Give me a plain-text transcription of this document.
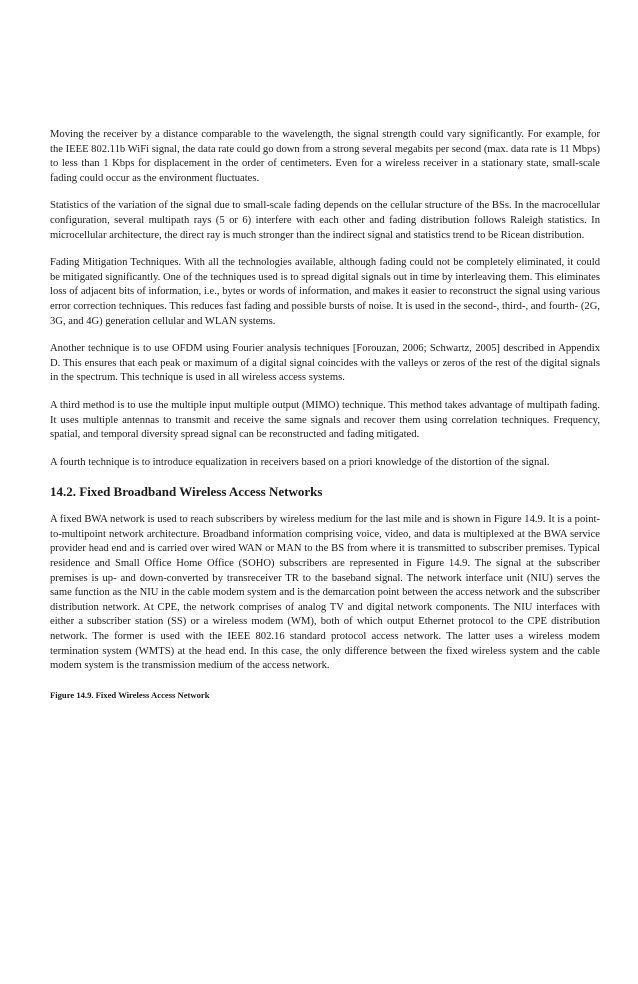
Moving the receiver by a distance comparable to the wavelength, the signal strength could vary significantly. For example, for the IEEE 802.11b WiFi signal, the data rate could go down from a strong several megabits per second (max. data rate is 11 Mbps) to less than 1 Kbps for displacement in the order of centimeters. Even for a wireless receiver in a stationary state, small-scale fading could occur as the environment fluctuates.

Statistics of the variation of the signal due to small-scale fading depends on the cellular structure of the BSs. In the macrocellular configuration, several multipath rays (5 or 6) interfere with each other and fading distribution follows Raleigh statistics. In microcellular architecture, the direct ray is much stronger than the indirect signal and statistics trend to be Ricean distribution.

Fading Mitigation Techniques. With all the technologies available, although fading could not be completely eliminated, it could be mitigated significantly. One of the techniques used is to spread digital signals out in time by interleaving them. This eliminates loss of adjacent bits of information, i.e., bytes or words of information, and makes it easier to reconstruct the signal using various error correction techniques. This reduces fast fading and possible bursts of noise. It is used in the second-, third-, and fourth- (2G, 3G, and 4G) generation cellular and WLAN systems.

Another technique is to use OFDM using Fourier analysis techniques [Forouzan, 2006; Schwartz, 2005] described in Appendix D. This ensures that each peak or maximum of a digital signal coincides with the valleys or zeros of the rest of the digital signals in the spectrum. This technique is used in all wireless access systems.

A third method is to use the multiple input multiple output (MIMO) technique. This method takes advantage of multipath fading. It uses multiple antennas to transmit and receive the same signals and recover them using correlation techniques. Frequency, spatial, and temporal diversity spread signal can be reconstructed and fading mitigated.

A fourth technique is to introduce equalization in receivers based on a priori knowledge of the distortion of the signal.

14.2. Fixed Broadband Wireless Access Networks

A fixed BWA network is used to reach subscribers by wireless medium for the last mile and is shown in Figure 14.9. It is a point-to-multipoint network architecture. Broadband information comprising voice, video, and data is multiplexed at the BWA service provider head end and is carried over wired WAN or MAN to the BS from where it is transmitted to subscriber premises. Typical residence and Small Office Home Office (SOHO) subscribers are represented in Figure 14.9. The signal at the subscriber premises is up- and down-converted by transreceiver TR to the baseband signal. The network interface unit (NIU) serves the same function as the NIU in the cable modem system and is the demarcation point between the access network and the subscriber distribution network. At CPE, the network comprises of analog TV and digital network components. The NIU interfaces with either a subscriber station (SS) or a wireless modem (WM), both of which output Ethernet protocol to the CPE distribution network. The former is used with the IEEE 802.16 standard protocol access network. The latter uses a wireless modem termination system (WMTS) at the head end. In this case, the only difference between the fixed wireless system and the cable modem system is the transmission medium of the access network.

Figure 14.9. Fixed Wireless Access Network
